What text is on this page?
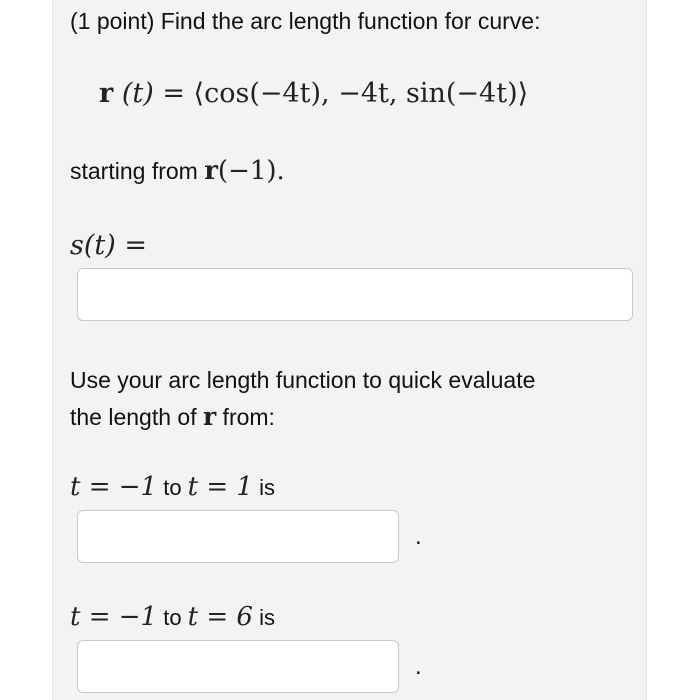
(1 point) Find the arc length function for curve:
r (t) = ⟨cos(−4t), −4t, sin(−4t)⟩
starting from r(−1).
s(t) =
Use your arc length function to quick evaluate
the length of r from:
t = −1 to t = 1 is
.
t = −1 to t = 6 is
.
